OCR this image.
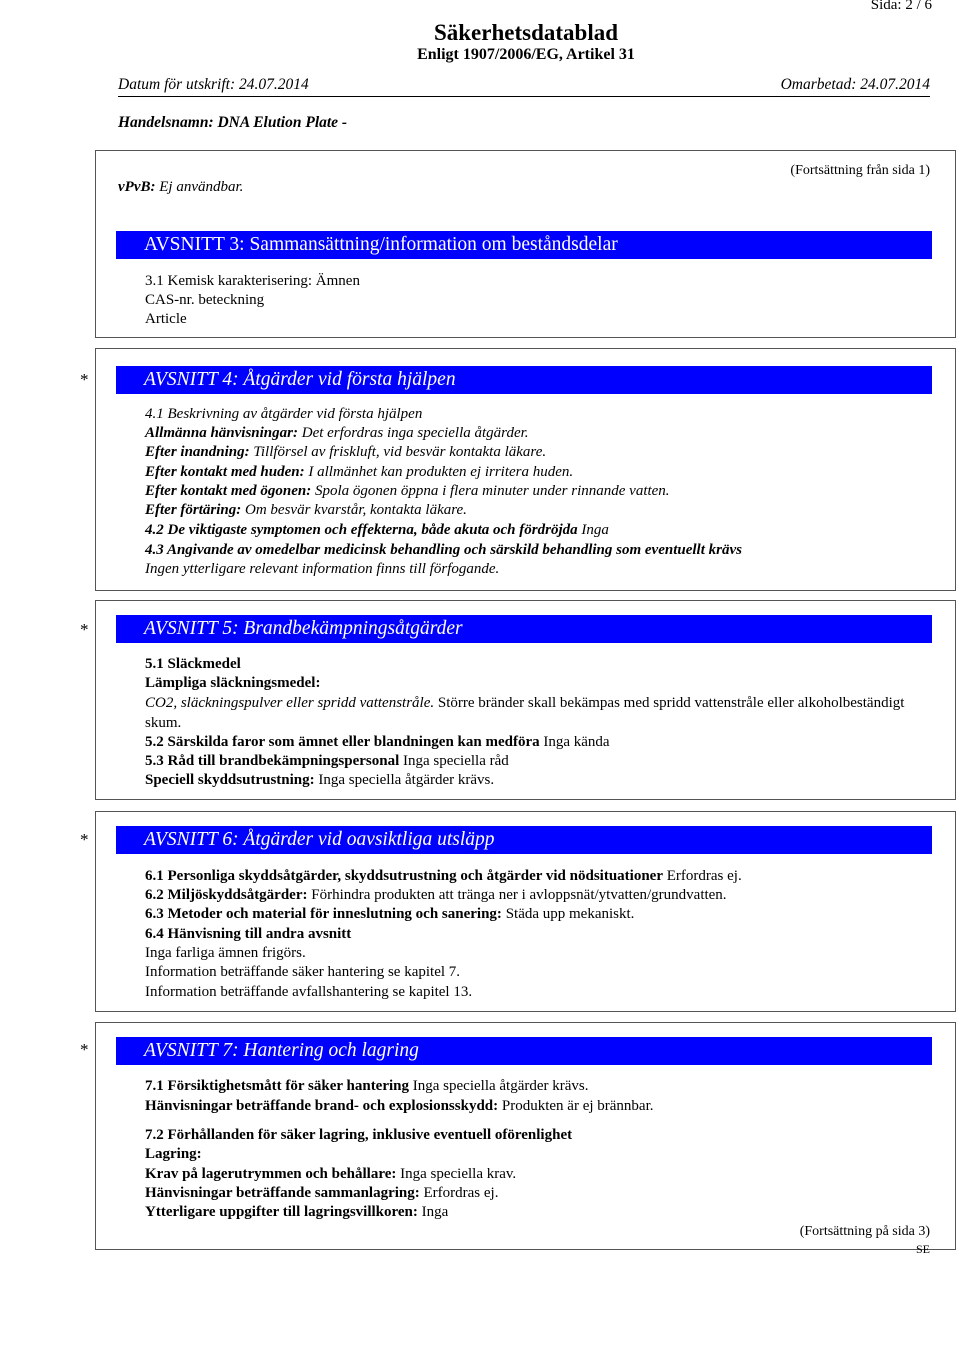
Sida: 2 / 6
Säkerhetsdatablad
Enligt 1907/2006/EG, Artikel 31
Datum för utskrift: 24.07.2014	Omarbetad: 24.07.2014
Handelsnamn: DNA Elution Plate -
vPvB: Ej användbar.
(Fortsättning från sida 1)
AVSNITT 3: Sammansättning/information om beståndsdelar
3.1 Kemisk karakterisering: Ämnen
CAS-nr. beteckning
Article
*	AVSNITT 4: Åtgärder vid första hjälpen
4.1 Beskrivning av åtgärder vid första hjälpen
Allmänna hänvisningar: Det erfordras inga speciella åtgärder.
Efter inandning: Tillförsel av friskluft, vid besvär kontakta läkare.
Efter kontakt med huden: I allmänhet kan produkten ej irritera huden.
Efter kontakt med ögonen: Spola ögonen öppna i flera minuter under rinnande vatten.
Efter förtäring: Om besvär kvarstår, kontakta läkare.
4.2 De viktigaste symptomen och effekterna, både akuta och fördröjda Inga
4.3 Angivande av omedelbar medicinsk behandling och särskild behandling som eventuellt krävs
Ingen ytterligare relevant information finns till förfogande.
*	AVSNITT 5: Brandbekämpningsåtgärder
5.1 Släckmedel
Lämpliga släckningsmedel:
CO2, släckningspulver eller spridd vattenstråle. Större bränder skall bekämpas med spridd vattenstråle eller alkoholbeständigt skum.
5.2 Särskilda faror som ämnet eller blandningen kan medföra Inga kända
5.3 Råd till brandbekämpningspersonal Inga speciella råd
Speciell skyddsutrustning: Inga speciella åtgärder krävs.
*	AVSNITT 6: Åtgärder vid oavsiktliga utsläpp
6.1 Personliga skyddsåtgärder, skyddsutrustning och åtgärder vid nödsituationer Erfordras ej.
6.2 Miljöskyddsåtgärder: Förhindra produkten att tränga ner i avloppsnät/ytvatten/grundvatten.
6.3 Metoder och material för inneslutning och sanering: Städa upp mekaniskt.
6.4 Hänvisning till andra avsnitt
Inga farliga ämnen frigörs.
Information beträffande säker hantering se kapitel 7.
Information beträffande avfallshantering se kapitel 13.
*	AVSNITT 7: Hantering och lagring
7.1 Försiktighetsmått för säker hantering Inga speciella åtgärder krävs.
Hänvisningar beträffande brand- och explosionsskydd: Produkten är ej brännbar.
7.2 Förhållanden för säker lagring, inklusive eventuell oförenlighet
Lagring:
Krav på lagerutrymmen och behållare: Inga speciella krav.
Hänvisningar beträffande sammanlagring: Erfordras ej.
Ytterligare uppgifter till lagringsvillkoren: Inga
(Fortsättning på sida 3)
SE
